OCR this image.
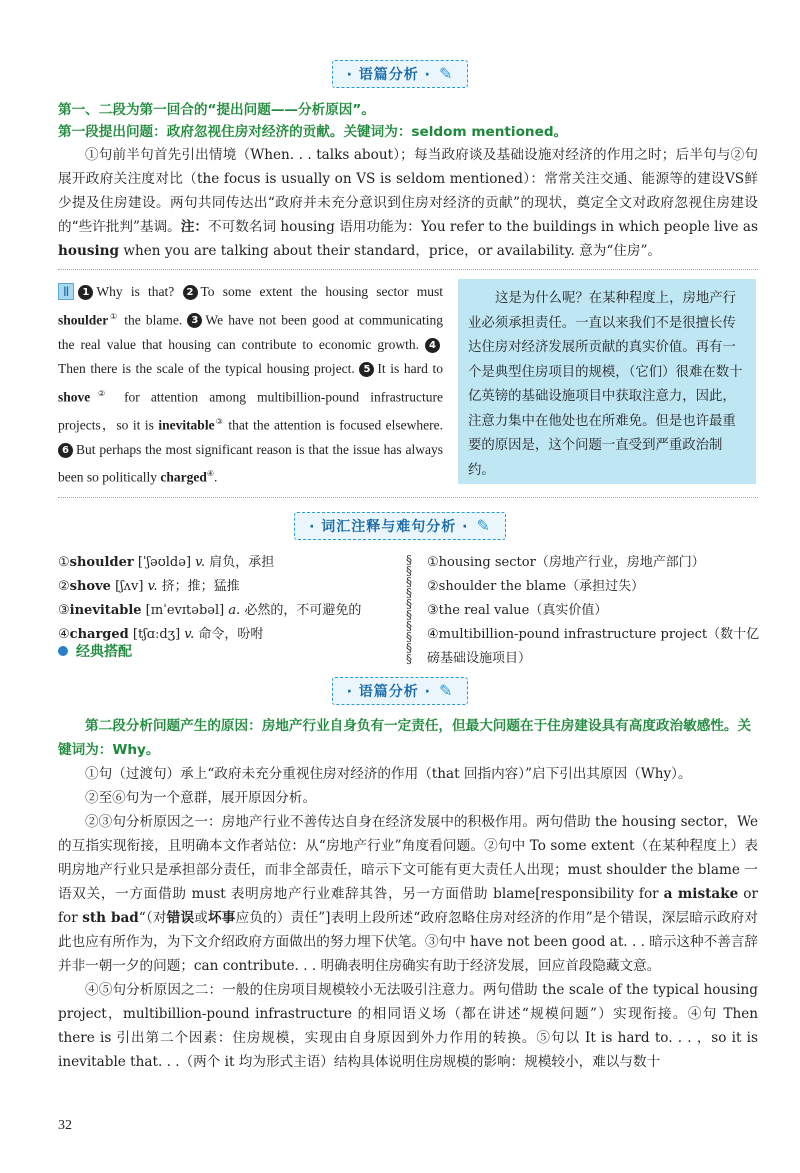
· 语篇分析 · ✎
第一、二段为第一回合的“提出问题——分析原因”。
第一段提出问题：政府忽视住房对经济的贡献。关键词为：seldom mentioned。
①句前半句首先引出情境（When. . . talks about）；每当政府谈及基础设施对经济的作用之时；后半句与②句展开政府关注度对比（the focus is usually on VS is seldom mentioned）：常常关注交通、能源等的建设VS鲜少提及住房建设。两句共同传达出“政府并未充分意识到住房对经济的贡献”的现状，奠定全文对政府忽视住房建设的“些许批判”基调。注：不可数名词 housing 语用功能为：You refer to the buildings in which people live as housing when you are talking about their standard，price，or availability. 意为“住房”。
Ⅱ 1 Why is that? 2 To some extent the housing sector must shoulder① the blame. 3 We have not been good at communicating the real value that housing can contribute to economic growth. 4Then there is the scale of the typical housing project. 5 It is hard to shove② for attention among multibillion-pound infrastructure projects，so it is inevitable③ that the attention is focused elsewhere. 6 But perhaps the most significant reason is that the issue has always been so politically charged④.
这是为什么呢？在某种程度上，房地产行业必须承担责任。一直以来我们不是很擅长传达住房对经济发展所贡献的真实价值。再有一个是典型住房项目的规模，（它们）很难在数十亿英镑的基础设施项目中获取注意力，因此，注意力集中在他处也在所难免。但是也许最重要的原因是，这个问题一直受到严重政治制约。
· 词汇注释与难句分析 · ✎
①shoulder [ˈʃəʊldə] v. 肩负，承担
②shove [ʃʌv] v. 挤；推；猛推
③inevitable [ɪnˈevɪtəbəl] a. 必然的，不可避免的
④charged [tʃɑːdʒ] v. 命令，吩咐
§
§
§
§
§
§
§
§
§
§
①housing sector（房地产行业，房地产部门）
②shoulder the blame（承担过失）
③the real value（真实价值）
④multibillion-pound infrastructure project（数十亿磅基础设施项目）
经典搭配
· 语篇分析 · ✎
第二段分析问题产生的原因：房地产行业自身负有一定责任，但最大问题在于住房建设具有高度政治敏感性。关键词为：Why。
①句（过渡句）承上“政府未充分重视住房对经济的作用（that 回指内容）”启下引出其原因（Why）。
②至⑥句为一个意群，展开原因分析。
②③句分析原因之一：房地产行业不善传达自身在经济发展中的积极作用。两句借助 the housing sector，We 的互指实现衔接，且明确本文作者站位：从“房地产行业”角度看问题。②句中 To some extent（在某种程度上）表明房地产行业只是承担部分责任，而非全部责任，暗示下文可能有更大责任人出现；must shoulder the blame 一语双关，一方面借助 must 表明房地产行业难辞其咎，另一方面借助 blame[responsibility for a mistake or for sth bad“（对错误或坏事应负的）责任”]表明上段所述“政府忽略住房对经济的作用”是个错误，深层暗示政府对此也应有所作为，为下文介绍政府方面做出的努力埋下伏笔。③句中 have not been good at. . . 暗示这种不善言辞并非一朝一夕的问题；can contribute. . . 明确表明住房确实有助于经济发展，回应首段隐藏文意。
④⑤句分析原因之二：一般的住房项目规模较小无法吸引注意力。两句借助 the scale of the typical housing project，multibillion-pound infrastructure 的相同语义场（都在讲述“规模问题”）实现衔接。④句 Then there is 引出第二个因素：住房规模，实现由自身原因到外力作用的转换。⑤句以 It is hard to. . . ，so it is inevitable that. . .（两个 it 均为形式主语）结构具体说明住房规模的影响：规模较小，难以与数十
32
